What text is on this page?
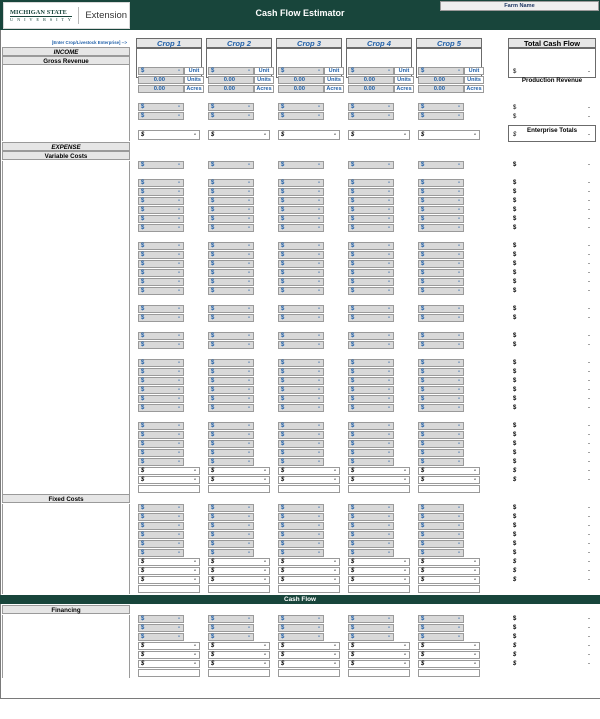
MICHIGAN STATE
U N I V E R S I T Y Extension	Cash Flow Estimator
Farm Name
Crop 1	Crop 2	Crop 3	Crop 4	Crop 5	Total Cash Flow
[Enter Crop/Livestock Enterprise] -->
INCOME
Gross Revenue
$	-	Unit	$	-	Unit	$	-	Unit	$	-	Unit	$	-	Unit	$	-
0.00	Units	0.00	Units	0.00	Units	0.00	Units	0.00	Units
0.00	Acres	0.00	Acres	0.00	Acres	0.00	Acres	0.00	Acres
$	-	$	-	$	-	$	-	$	-	$	-
$	-	$	-	$	-	$	-	$	-	$	-
$	-	$	-	$	-	$	-	$	-	$	-
Production Revenue
Enterprise Totals
EXPENSE
Variable Costs
$	-	$	-	$	-	$	-	$	-	$	-
$	-	$	-	$	-	$	-	$	-	$	-
$	-	$	-	$	-	$	-	$	-	$	-
$	-	$	-	$	-	$	-	$	-	$	-
$	-	$	-	$	-	$	-	$	-	$	-
$	-	$	-	$	-	$	-	$	-	$	-
$	-	$	-	$	-	$	-	$	-	$	-
$	-	$	-	$	-	$	-	$	-	$	-
$	-	$	-	$	-	$	-	$	-	$	-
$	-	$	-	$	-	$	-	$	-	$	-
$	-	$	-	$	-	$	-	$	-	$	-
$	-	$	-	$	-	$	-	$	-	$	-
$	-	$	-	$	-	$	-	$	-	$	-
$	-	$	-	$	-	$	-	$	-	$	-
$	-	$	-	$	-	$	-	$	-	$	-
$	-	$	-	$	-	$	-	$	-	$	-
$	-	$	-	$	-	$	-	$	-	$	-
$	-	$	-	$	-	$	-	$	-	$	-
$	-	$	-	$	-	$	-	$	-	$	-
$	-	$	-	$	-	$	-	$	-	$	-
$	-	$	-	$	-	$	-	$	-	$	-
$	-	$	-	$	-	$	-	$	-	$	-
$	-	$	-	$	-	$	-	$	-	$	-
$	-	$	-	$	-	$	-	$	-	$	-
$	-	$	-	$	-	$	-	$	-	$	-
$	-	$	-	$	-	$	-	$	-	$	-
$	-	$	-	$	-	$	-	$	-	$	-
$	-	$	-	$	-	$	-	$	-	$	-
$	-	$	-	$	-	$	-	$	-	$	-
$	-	$	-	$	-	$	-	$	-	$	-
Fixed Costs
$	-	$	-	$	-	$	-	$	-	$	-
$	-	$	-	$	-	$	-	$	-	$	-
$	-	$	-	$	-	$	-	$	-	$	-
$	-	$	-	$	-	$	-	$	-	$	-
$	-	$	-	$	-	$	-	$	-	$	-
$	-	$	-	$	-	$	-	$	-	$	-
$	-	$	-	$	-	$	-	$	-	$	-
$	-	$	-	$	-	$	-	$	-	$	-
$	-	$	-	$	-	$	-	$	-	$	-
Cash Flow
Financing
$	-	$	-	$	-	$	-	$	-	$	-
$	-	$	-	$	-	$	-	$	-	$	-
$	-	$	-	$	-	$	-	$	-	$	-
$	-	$	-	$	-	$	-	$	-	$	-
$	-	$	-	$	-	$	-	$	-	$	-
$	-	$	-	$	-	$	-	$	-	$	-
